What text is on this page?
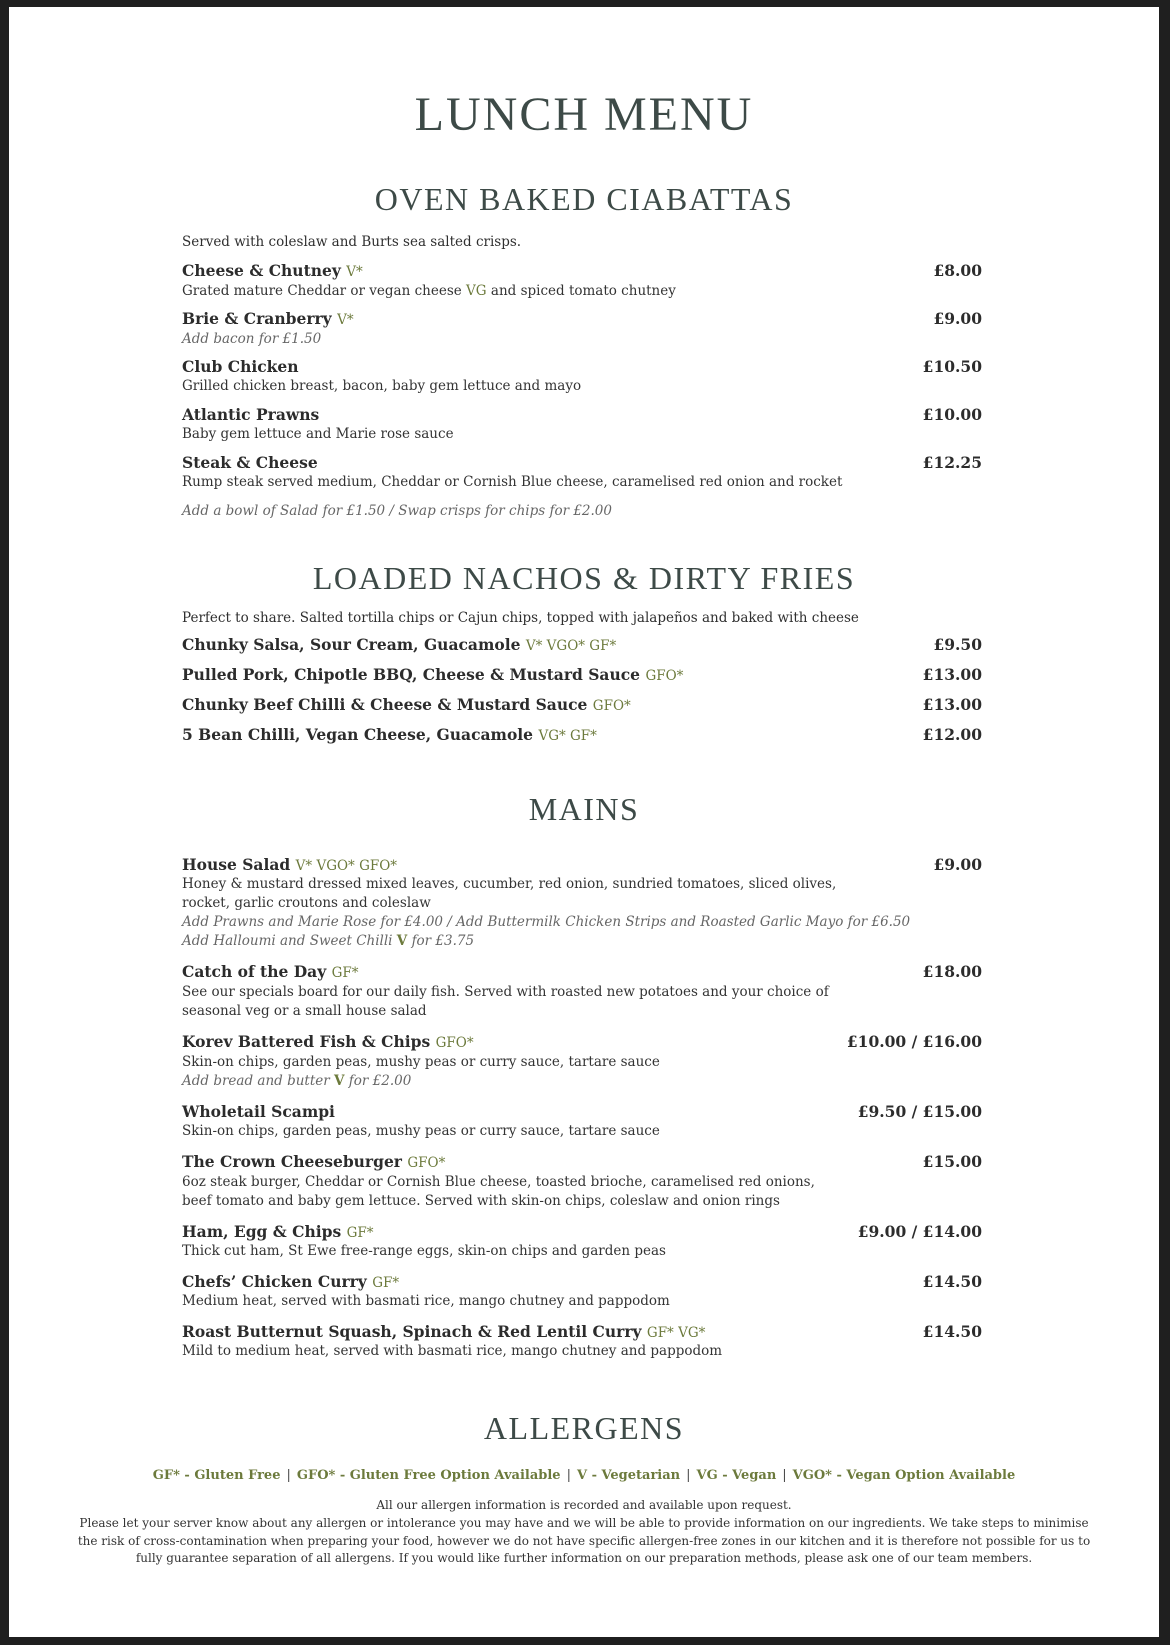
LUNCH MENU
OVEN BAKED CIABATTAS
Served with coleslaw and Burts sea salted crisps.
Cheese & Chutney V*	£8.00
Grated mature Cheddar or vegan cheese VG and spiced tomato chutney
Brie & Cranberry V*	£9.00
Add bacon for £1.50
Club Chicken	£10.50
Grilled chicken breast, bacon, baby gem lettuce and mayo
Atlantic Prawns	£10.00
Baby gem lettuce and Marie rose sauce
Steak & Cheese	£12.25
Rump steak served medium, Cheddar or Cornish Blue cheese, caramelised red onion and rocket
Add a bowl of Salad for £1.50 / Swap crisps for chips for £2.00
LOADED NACHOS & DIRTY FRIES
Perfect to share. Salted tortilla chips or Cajun chips, topped with jalapeños and baked with cheese
Chunky Salsa, Sour Cream, Guacamole V* VGO* GF*	£9.50
Pulled Pork, Chipotle BBQ, Cheese & Mustard Sauce GFO*	£13.00
Chunky Beef Chilli & Cheese & Mustard Sauce GFO*	£13.00
5 Bean Chilli, Vegan Cheese, Guacamole VG* GF*	£12.00
MAINS
House Salad V* VGO* GFO*	£9.00
Honey & mustard dressed mixed leaves, cucumber, red onion, sundried tomatoes, sliced olives,
rocket, garlic croutons and coleslaw
Add Prawns and Marie Rose for £4.00 / Add Buttermilk Chicken Strips and Roasted Garlic Mayo for £6.50
Add Halloumi and Sweet Chilli V for £3.75
Catch of the Day GF*	£18.00
See our specials board for our daily fish. Served with roasted new potatoes and your choice of
seasonal veg or a small house salad
Korev Battered Fish & Chips GFO*	£10.00 / £16.00
Skin-on chips, garden peas, mushy peas or curry sauce, tartare sauce
Add bread and butter V for £2.00
Wholetail Scampi	£9.50 / £15.00
Skin-on chips, garden peas, mushy peas or curry sauce, tartare sauce
The Crown Cheeseburger GFO*	£15.00
6oz steak burger, Cheddar or Cornish Blue cheese, toasted brioche, caramelised red onions,
beef tomato and baby gem lettuce. Served with skin-on chips, coleslaw and onion rings
Ham, Egg & Chips GF*	£9.00 / £14.00
Thick cut ham, St Ewe free-range eggs, skin-on chips and garden peas
Chefs’ Chicken Curry GF*	£14.50
Medium heat, served with basmati rice, mango chutney and pappodom
Roast Butternut Squash, Spinach & Red Lentil Curry GF* VG*	£14.50
Mild to medium heat, served with basmati rice, mango chutney and pappodom
ALLERGENS
GF* - Gluten Free | GFO* - Gluten Free Option Available | V - Vegetarian | VG - Vegan | VGO* - Vegan Option Available
All our allergen information is recorded and available upon request.
Please let your server know about any allergen or intolerance you may have and we will be able to provide information on our ingredients. We take steps to minimise the risk of cross-contamination when preparing your food, however we do not have specific allergen-free zones in our kitchen and it is therefore not possible for us to fully guarantee separation of all allergens. If you would like further information on our preparation methods, please ask one of our team members.
